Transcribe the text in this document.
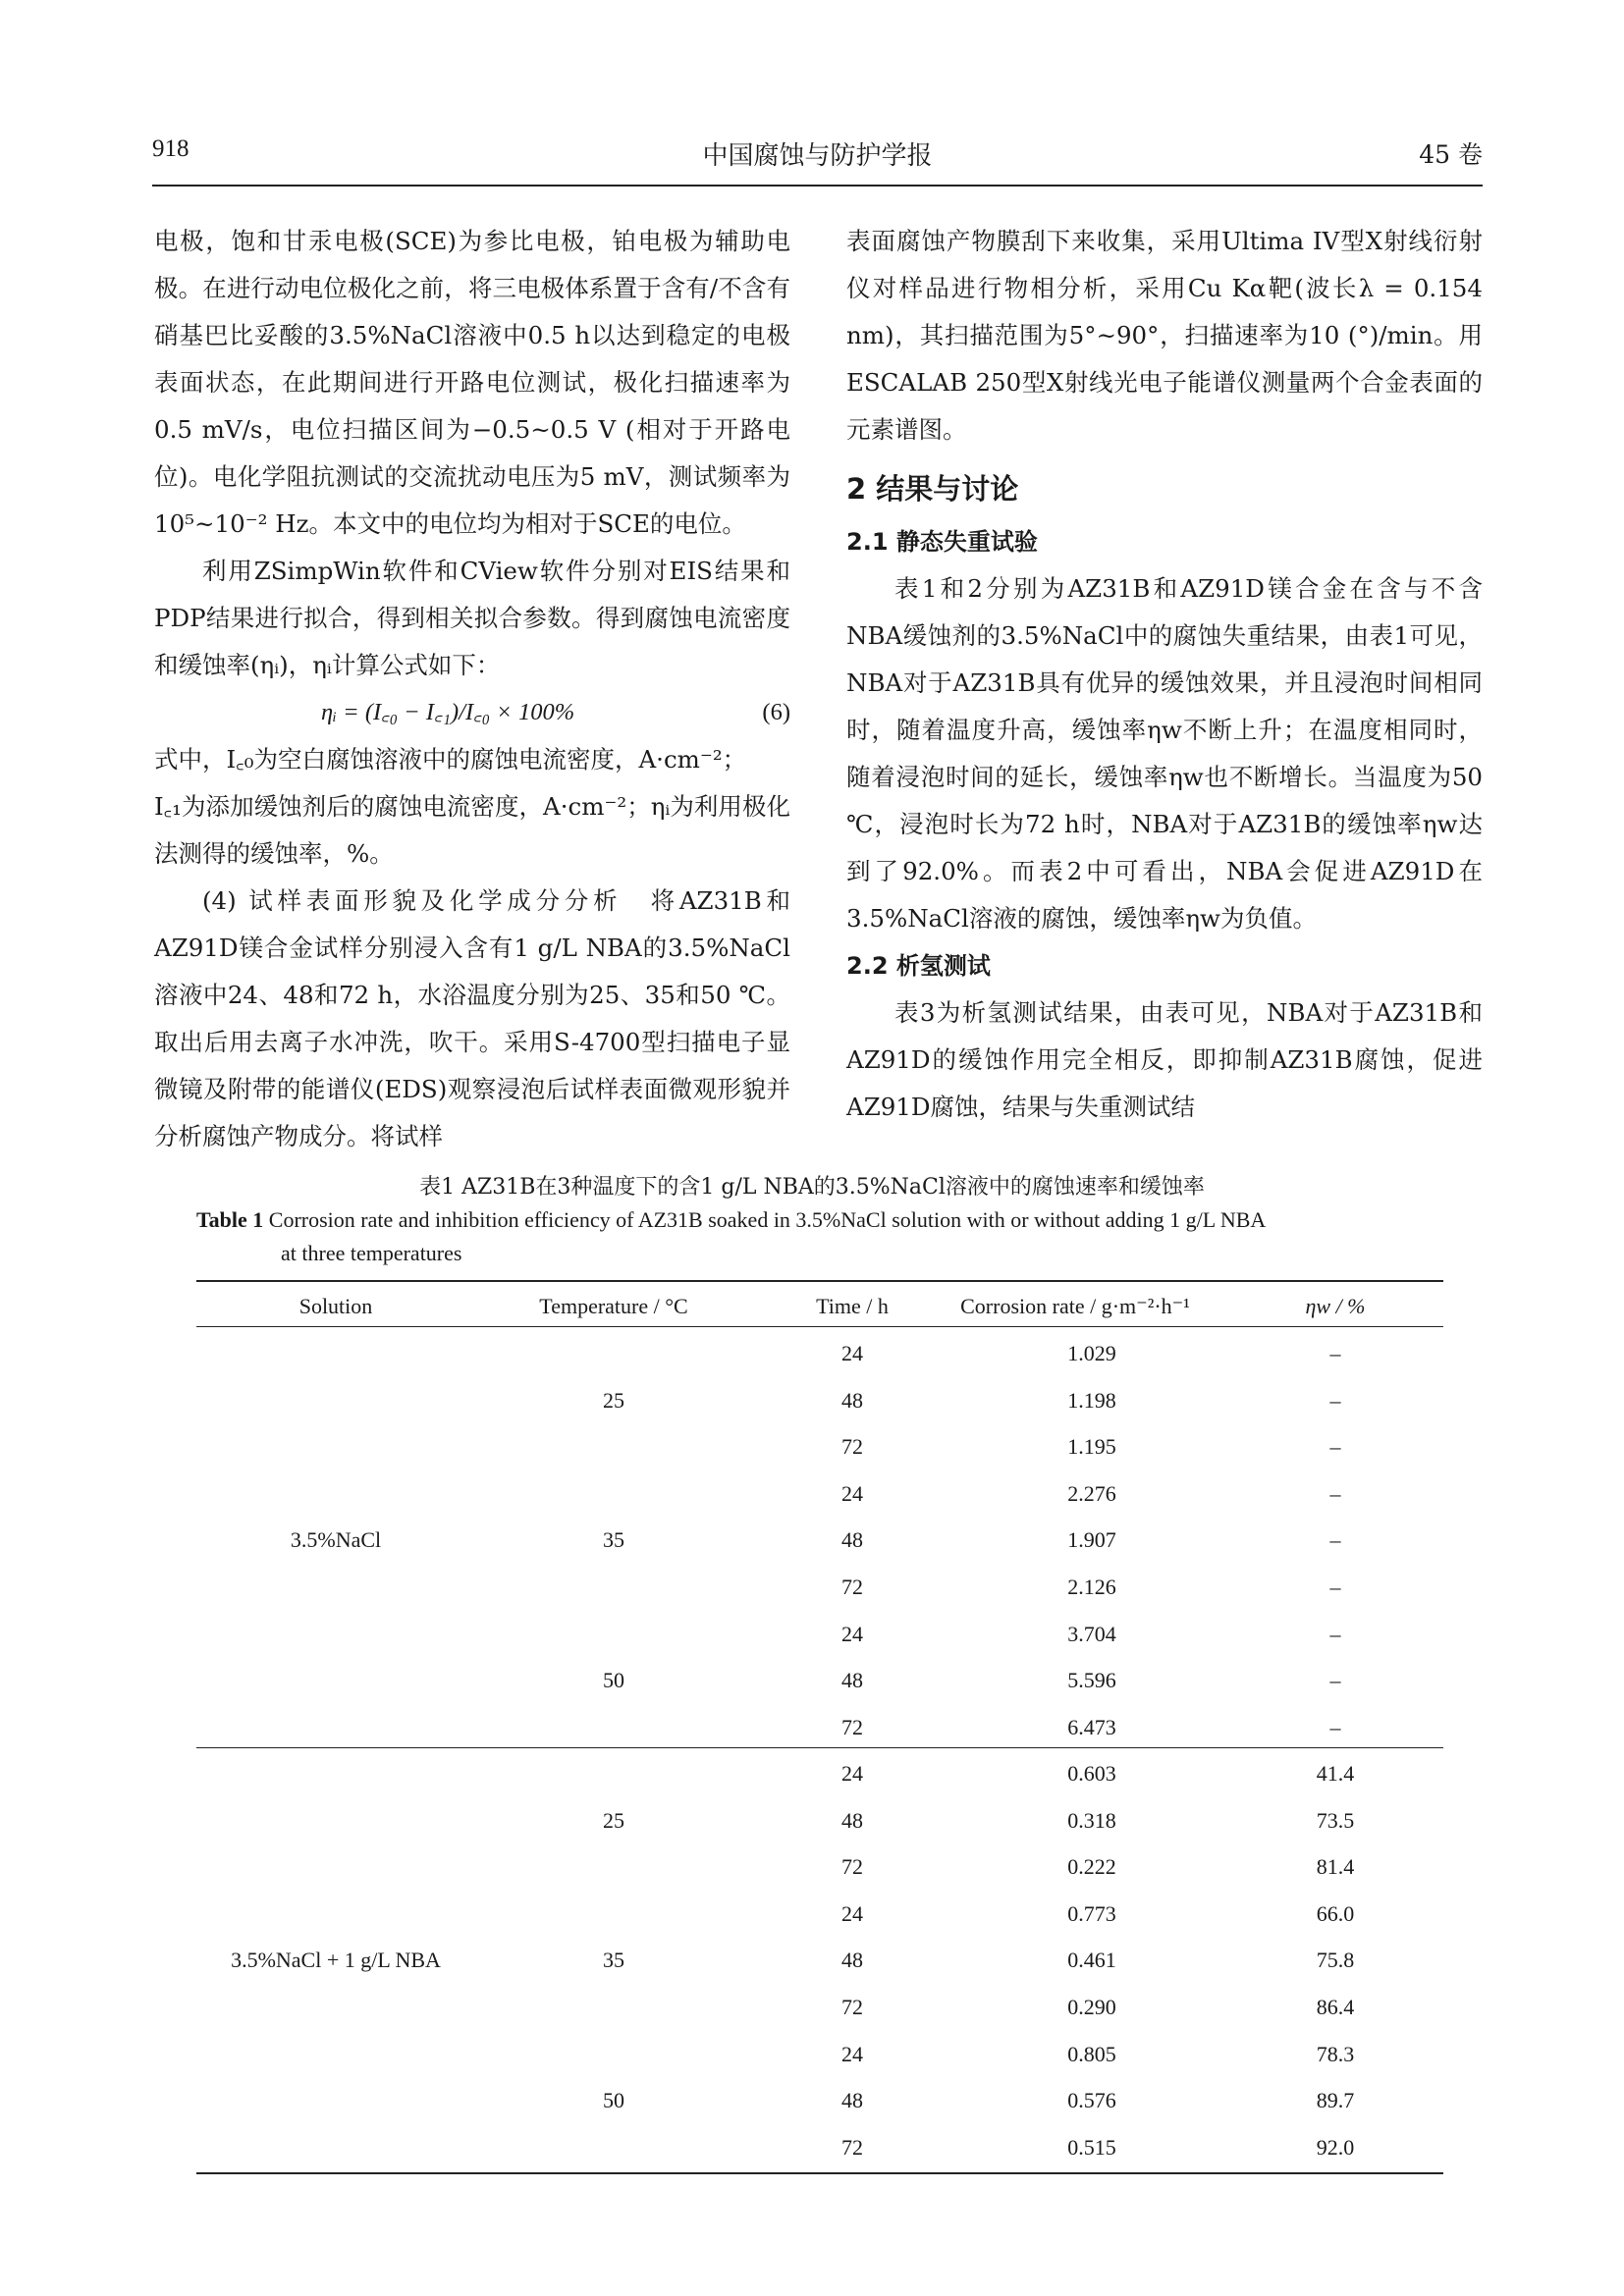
918	中国腐蚀与防护学报	45 卷

电极，饱和甘汞电极(SCE)为参比电极，铂电极为辅助电极。在进行动电位极化之前，将三电极体系置于含有/不含有硝基巴比妥酸的3.5%NaCl溶液中0.5 h以达到稳定的电极表面状态，在此期间进行开路电位测试，极化扫描速率为0.5 mV/s，电位扫描区间为−0.5~0.5 V (相对于开路电位)。电化学阻抗测试的交流扰动电压为5 mV，测试频率为10⁵~10⁻² Hz。本文中的电位均为相对于SCE的电位。

利用ZSimpWin软件和CView软件分别对EIS结果和PDP结果进行拟合，得到相关拟合参数。得到腐蚀电流密度和缓蚀率(ηᵢ)，ηᵢ计算公式如下：

ηᵢ = (I꜀₀ − I꜀₁)/I꜀₀ × 100%	(6)

式中，I꜀₀为空白腐蚀溶液中的腐蚀电流密度，A·cm⁻²；

I꜀₁为添加缓蚀剂后的腐蚀电流密度，A·cm⁻²；ηᵢ为利用极化法测得的缓蚀率，%。

(4) 试样表面形貌及化学成分分析　将AZ31B和AZ91D镁合金试样分别浸入含有1 g/L NBA的3.5%NaCl溶液中24、48和72 h，水浴温度分别为25、35和50 ℃。取出后用去离子水冲洗，吹干。采用S-4700型扫描电子显微镜及附带的能谱仪(EDS)观察浸泡后试样表面微观形貌并分析腐蚀产物成分。将试样

表面腐蚀产物膜刮下来收集，采用Ultima IV型X射线衍射仪对样品进行物相分析，采用Cu Kα靶(波长λ = 0.154 nm)，其扫描范围为5°~90°，扫描速率为10 (°)/min。用ESCALAB 250型X射线光电子能谱仪测量两个合金表面的元素谱图。

2 结果与讨论
2.1 静态失重试验

表1和2分别为AZ31B和AZ91D镁合金在含与不含NBA缓蚀剂的3.5%NaCl中的腐蚀失重结果，由表1可见，NBA对于AZ31B具有优异的缓蚀效果，并且浸泡时间相同时，随着温度升高，缓蚀率ηw不断上升；在温度相同时，随着浸泡时间的延长，缓蚀率ηw也不断增长。当温度为50 ℃，浸泡时长为72 h时，NBA对于AZ31B的缓蚀率ηw达到了92.0%。而表2中可看出，NBA会促进AZ91D在3.5%NaCl溶液的腐蚀，缓蚀率ηw为负值。

2.2 析氢测试

表3为析氢测试结果，由表可见，NBA对于AZ31B和AZ91D的缓蚀作用完全相反，即抑制AZ31B腐蚀，促进AZ91D腐蚀，结果与失重测试结

表1 AZ31B在3种温度下的含1 g/L NBA的3.5%NaCl溶液中的腐蚀速率和缓蚀率
Table 1 Corrosion rate and inhibition efficiency of AZ31B soaked in 3.5%NaCl solution with or without adding 1 g/L NBA
at three temperatures
Solution	Temperature / °C	Time / h	Corrosion rate / g·m⁻²·h⁻¹	ηw / %
3.5%NaCl
25
24	1.029	–
48	1.198	–
72	1.195	–
35
24	2.276	–
48	1.907	–
72	2.126	–
50
24	3.704	–
48	5.596	–
72	6.473	–
3.5%NaCl + 1 g/L NBA
25
24	0.603	41.4
48	0.318	73.5
72	0.222	81.4
35
24	0.773	66.0
48	0.461	75.8
72	0.290	86.4
50
24	0.805	78.3
48	0.576	89.7
72	0.515	92.0
